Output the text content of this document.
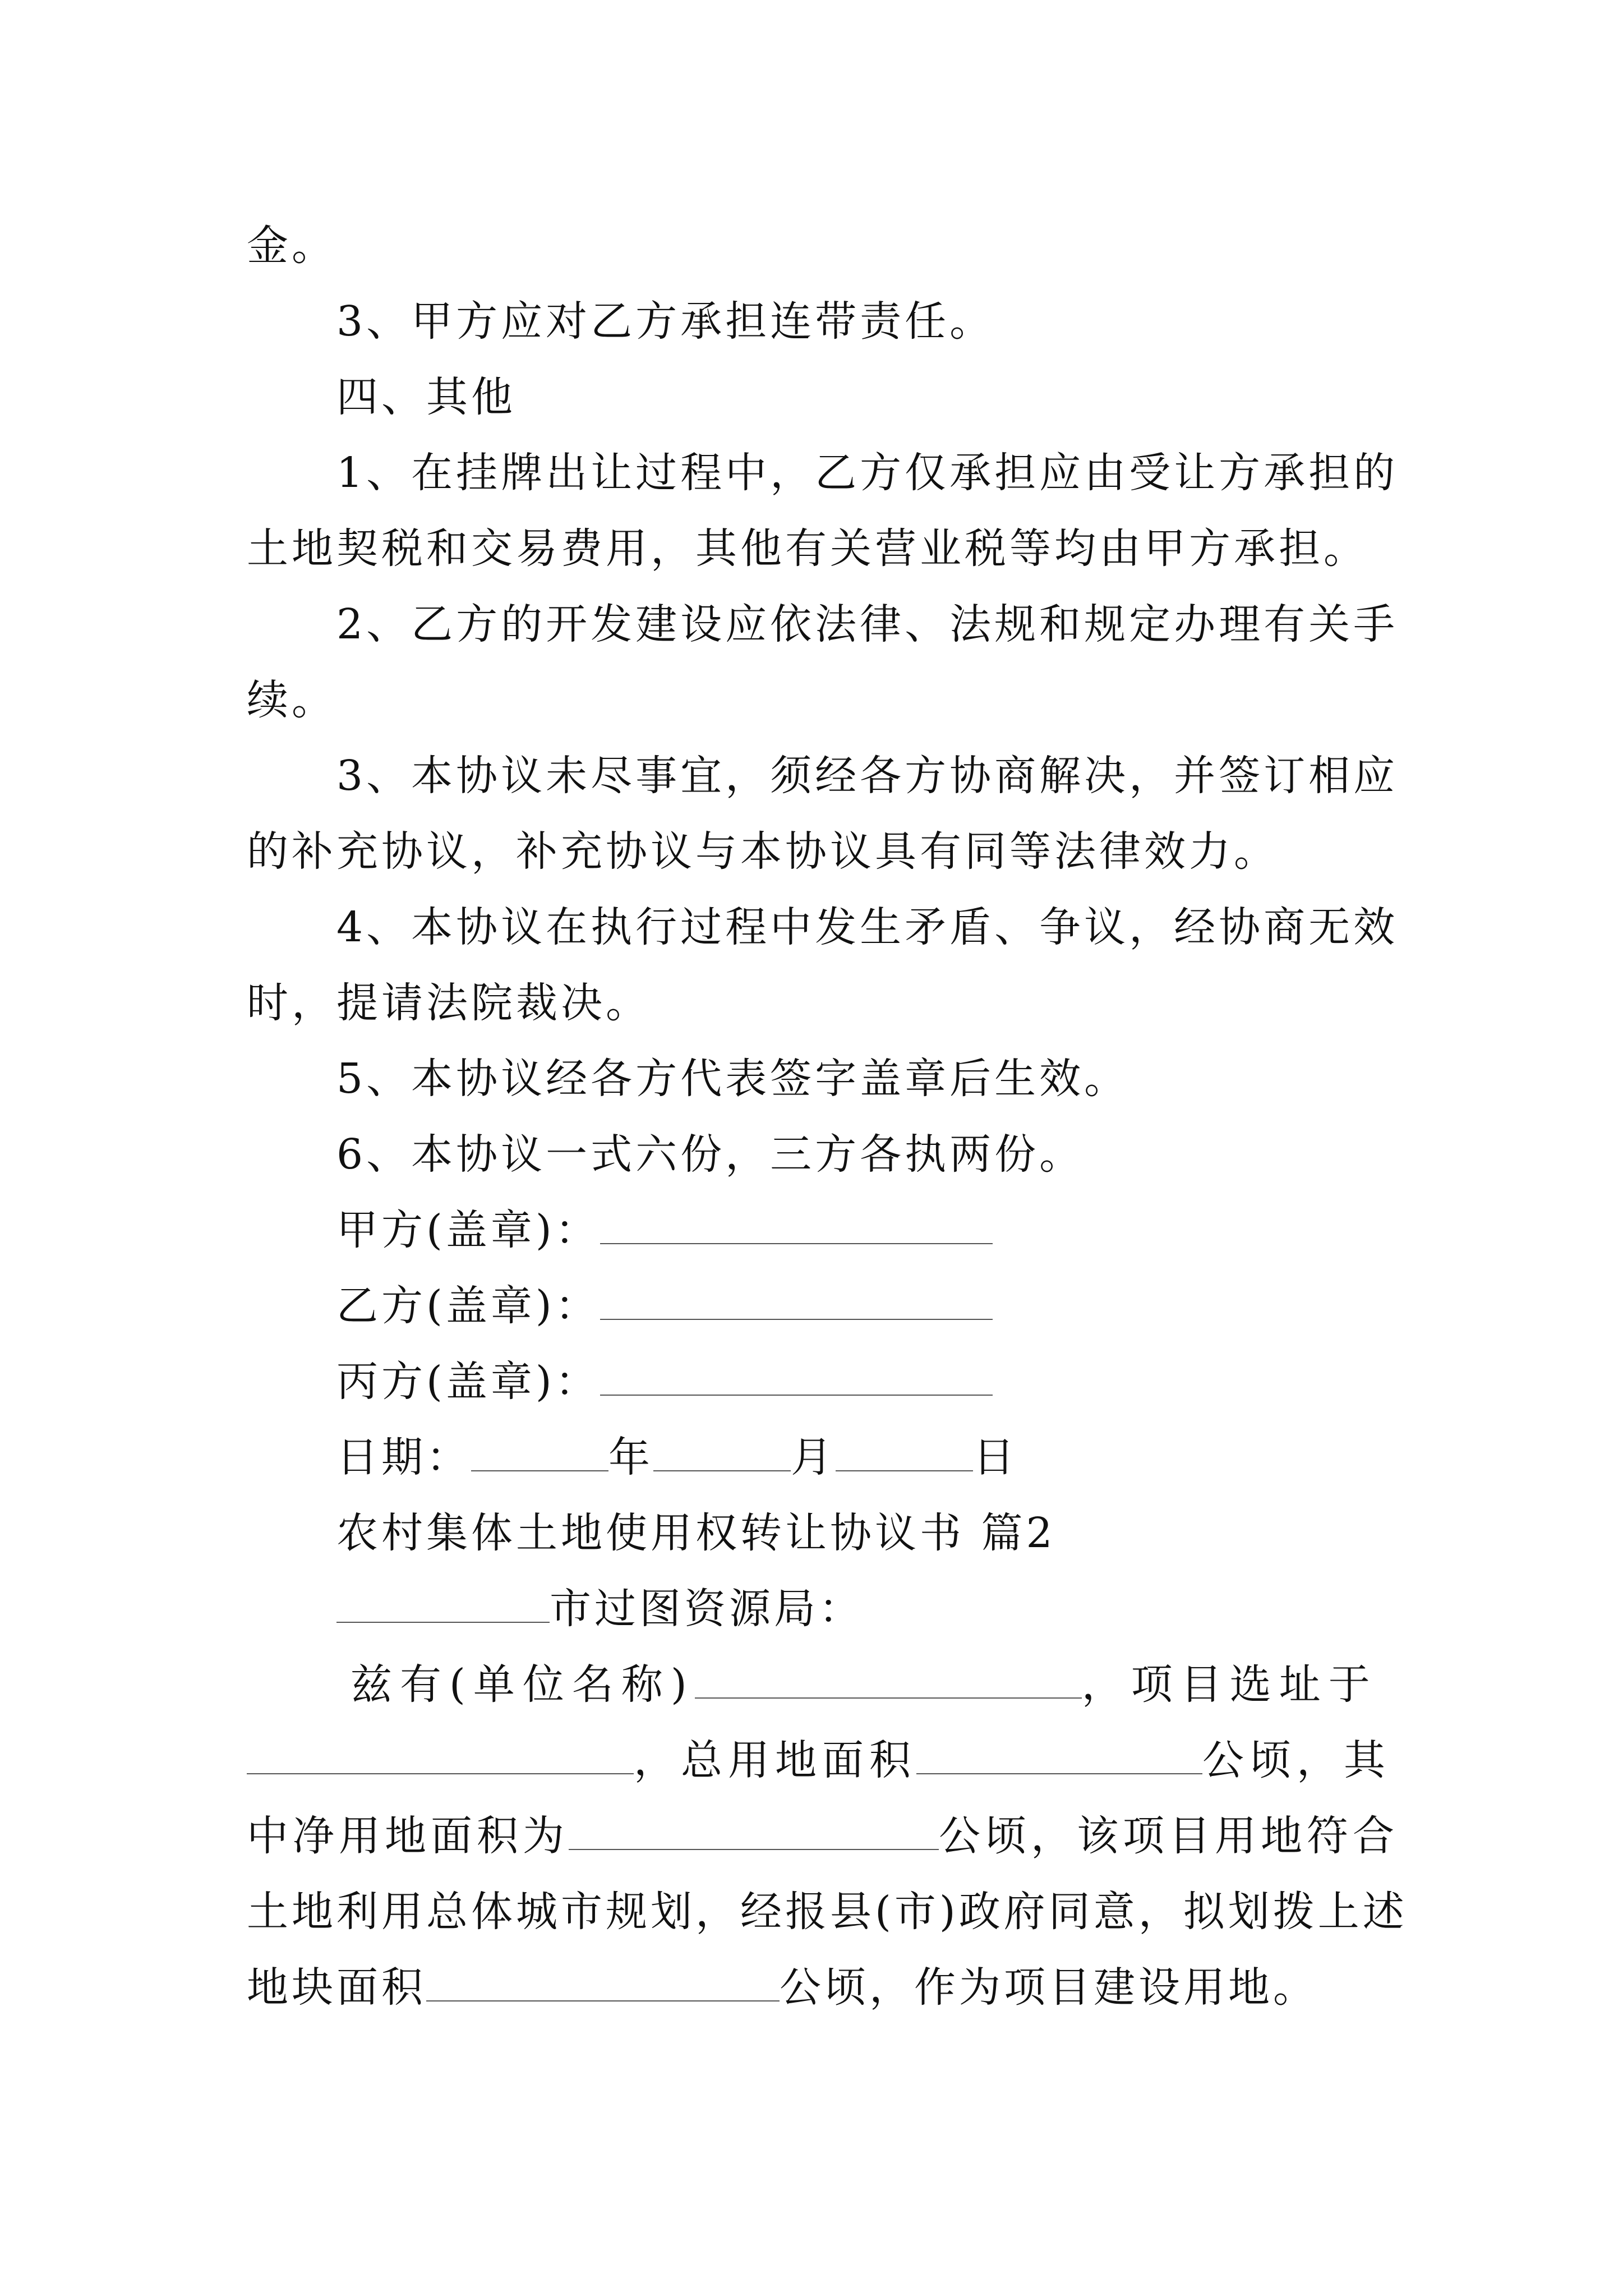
金。
3、甲方应对乙方承担连带责任。
四、其他
1、在挂牌出让过程中，乙方仅承担应由受让方承担的
土地契税和交易费用，其他有关营业税等均由甲方承担。
2、乙方的开发建设应依法律、法规和规定办理有关手
续。
3、本协议未尽事宜，须经各方协商解决，并签订相应
的补充协议，补充协议与本协议具有同等法律效力。
4、本协议在执行过程中发生矛盾、争议，经协商无效
时，提请法院裁决。
5、本协议经各方代表签字盖章后生效。
6、本协议一式六份，三方各执两份。
甲方(盖章)：
乙方(盖章)：
丙方(盖章)：
日期：	年	月	日
农村集体土地使用权转让协议书 篇2
市过图资源局：
兹有(单位名称)	，项目选址于
，总用地面积	公顷，其
中净用地面积为	公顷，该项目用地符合
土地利用总体城市规划，经报县(市)政府同意，拟划拨上述
地块面积	公顷，作为项目建设用地。
